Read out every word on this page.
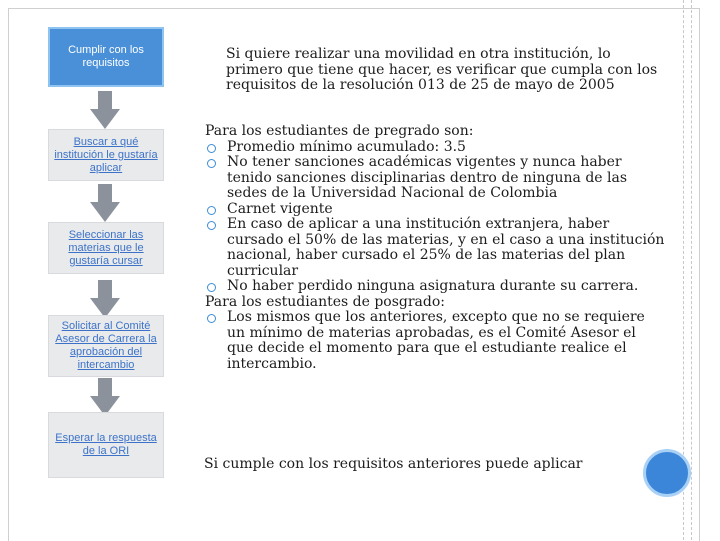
Cumplir con los requisitos
Buscar a qué institución le gustaría aplicar
Seleccionar las materias que le gustaría cursar
Solicitar al Comité Asesor de Carrera la aprobación del intercambio
Esperar la respuesta de la ORI
Si quiere realizar una movilidad en otra institución, lo primero que tiene que hacer, es verificar que cumpla con los requisitos de la resolución 013 de 25 de mayo de 2005

Para los estudiantes de pregrado son:

Promedio mínimo acumulado: 3.5
No tener sanciones académicas vigentes y nunca haber tenido sanciones disciplinarias dentro de ninguna de las sedes de la Universidad Nacional de Colombia
Carnet vigente
En caso de aplicar a una institución extranjera, haber cursado el 50% de las materias, y en el caso a una institución nacional, haber cursado el 25% de las materias del plan curricular
No haber perdido ninguna asignatura durante su carrera.

Para los estudiantes de posgrado:

Los mismos que los anteriores, excepto que no se requiere un mínimo de materias aprobadas, es el Comité Asesor el que decide el momento para que el estudiante realice el intercambio.
Si cumple con los requisitos anteriores puede aplicar
